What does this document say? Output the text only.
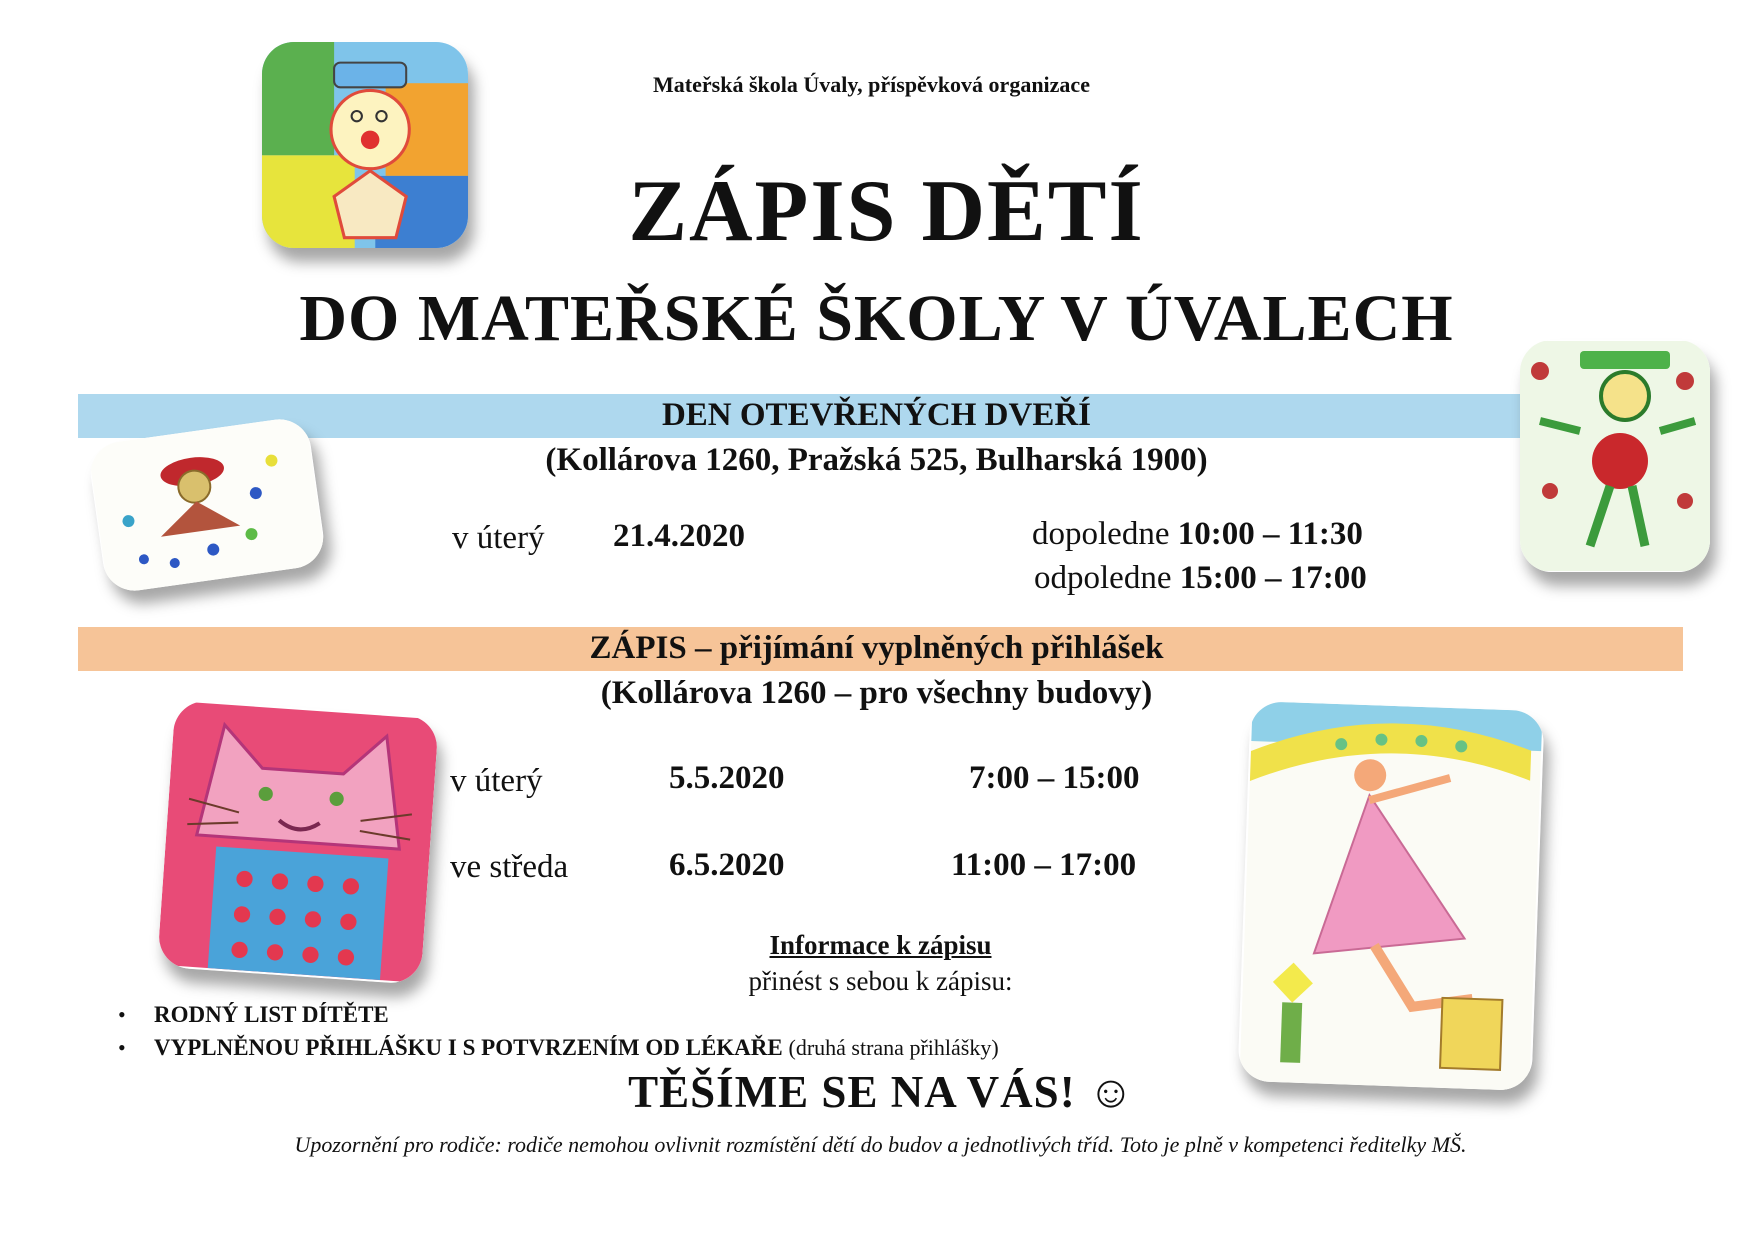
Mateřská škola Úvaly, příspěvková organizace
ZÁPIS DĚTÍ
DO MATEŘSKÉ ŠKOLY V ÚVALECH
DEN OTEVŘENÝCH DVEŘÍ
(Kollárova 1260, Pražská 525, Bulharská 1900)
v úterý 21.4.2020	dopoledne 10:00 – 11:30
odpoledne 15:00 – 17:00
ZÁPIS – přijímání vyplněných přihlášek
(Kollárova 1260 – pro všechny budovy)
v úterý	5.5.2020	7:00 – 15:00
ve středa	6.5.2020	11:00 – 17:00
Informace k zápisu
přinést s sebou k zápisu:
• RODNÝ LIST DÍTĚTE
• VYPLNĚNOU PŘIHLÁŠKU I S POTVRZENÍM OD LÉKAŘE (druhá strana přihlášky)
TĚŠÍME SE NA VÁS! ☺
Upozornění pro rodiče: rodiče nemohou ovlivnit rozmístění dětí do budov a jednotlivých tříd. Toto je plně v kompetenci ředitelky MŠ.
